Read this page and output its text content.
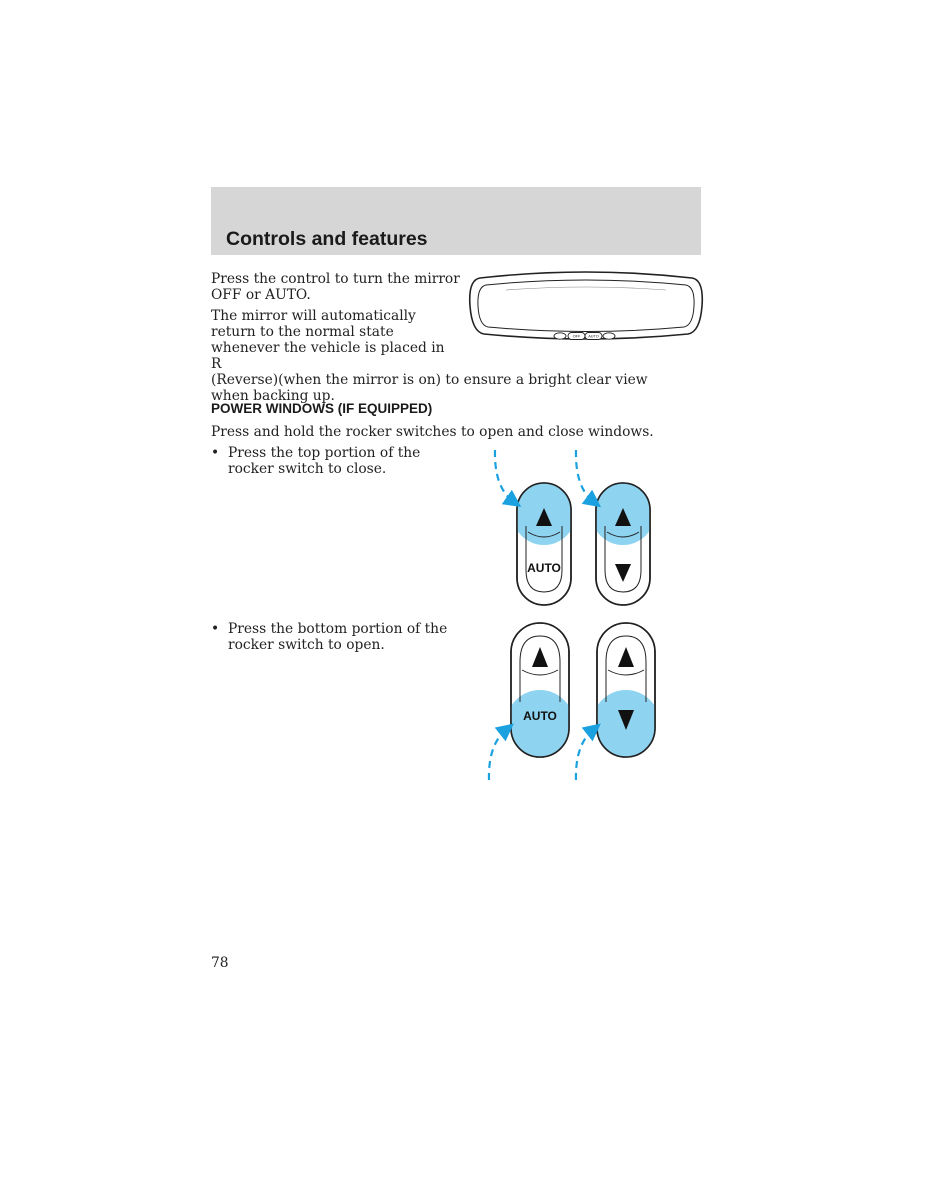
Controls and features

Press the control to turn the mirror OFF or AUTO.

The mirror will automatically return to the normal state whenever the vehicle is placed in R
(Reverse)(when the mirror is on) to ensure a bright clear view when backing up.

OFF AUTO
POWER WINDOWS (IF EQUIPPED)

Press and hold the rocker switches to open and close windows.

• Press the top portion of the rocker switch to close.
• Press the bottom portion of the rocker switch to open.
AUTO
AUTO
78
